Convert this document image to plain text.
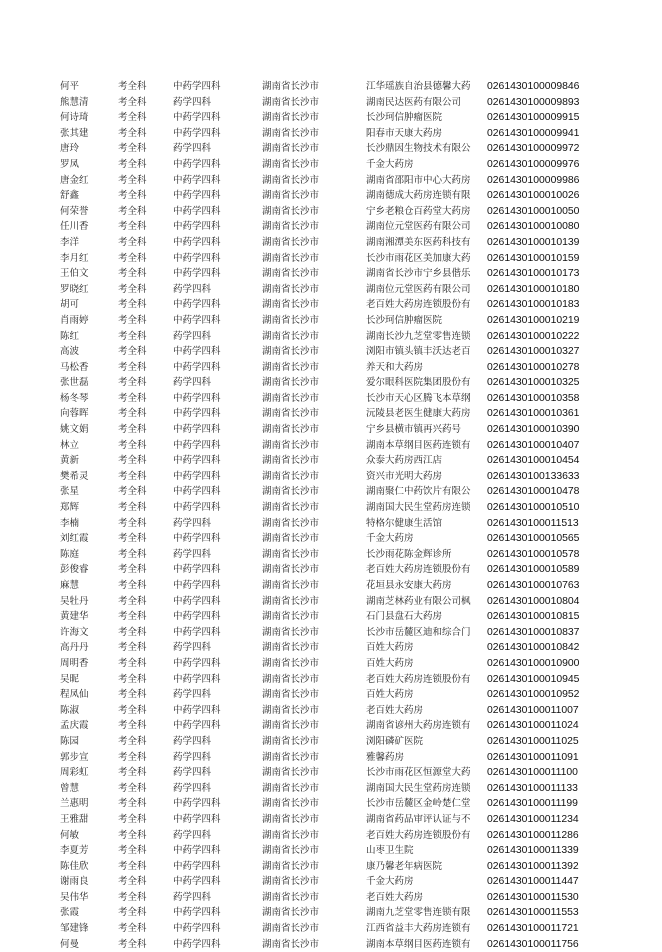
何平	考全科	中药学四科	湖南省长沙市	江华瑶族自治县德馨大药	0261430100009846
熊慧清	考全科	药学四科	湖南省长沙市	湖南民达医药有限公司	0261430100009893
何诗琦	考全科	中药学四科	湖南省长沙市	长沙珂信肿瘤医院	0261430100009915
张其建	考全科	中药学四科	湖南省长沙市	阳春市天康大药房	0261430100009941
唐玲	考全科	药学四科	湖南省长沙市	长沙鼎因生物技术有限公	0261430100009972
罗凤	考全科	中药学四科	湖南省长沙市	千金大药房	0261430100009976
唐金红	考全科	中药学四科	湖南省长沙市	湖南省邵阳市中心大药房	0261430100009986
舒鑫	考全科	中药学四科	湖南省长沙市	湖南德成大药房连锁有限	0261430100010026
何荣誉	考全科	中药学四科	湖南省长沙市	宁乡老粮仓百药堂大药房	0261430100010050
任川香	考全科	中药学四科	湖南省长沙市	湖南位元堂医药有限公司	0261430100010080
李洋	考全科	中药学四科	湖南省长沙市	湖南湘潭美东医药科技有	0261430100010139
李月红	考全科	中药学四科	湖南省长沙市	长沙市雨花区美加康大药	0261430100010159
王伯文	考全科	中药学四科	湖南省长沙市	湖南省长沙市宁乡县偕乐	0261430100010173
罗晓红	考全科	药学四科	湖南省长沙市	湖南位元堂医药有限公司	0261430100010180
胡可	考全科	中药学四科	湖南省长沙市	老百姓大药房连锁股份有	0261430100010183
肖雨婷	考全科	中药学四科	湖南省长沙市	长沙珂信肿瘤医院	0261430100010219
陈红	考全科	药学四科	湖南省长沙市	湖南长沙九芝堂零售连锁	0261430100010222
高波	考全科	中药学四科	湖南省长沙市	浏阳市镇头镇丰沃达老百	0261430100010327
马松香	考全科	中药学四科	湖南省长沙市	养天和大药房	0261430100010278
张世磊	考全科	药学四科	湖南省长沙市	爱尔眼科医院集团股份有	0261430100010325
杨冬琴	考全科	中药学四科	湖南省长沙市	长沙市天心区腾飞本草纲	0261430100010358
向蓉晖	考全科	中药学四科	湖南省长沙市	沅陵县老医生健康大药房	0261430100010361
姚文娟	考全科	中药学四科	湖南省长沙市	宁乡县横市镇再兴药号	0261430100010390
林立	考全科	中药学四科	湖南省长沙市	湖南本草纲目医药连锁有	0261430100010407
黄新	考全科	中药学四科	湖南省长沙市	众泰大药房西江店	0261430100010454
樊希灵	考全科	中药学四科	湖南省长沙市	资兴市光明大药房	0261430100133633
张星	考全科	中药学四科	湖南省长沙市	湖南聚仁中药饮片有限公	0261430100010478
郑辉	考全科	中药学四科	湖南省长沙市	湖南国大民生堂药房连锁	0261430100010510
李楠	考全科	药学四科	湖南省长沙市	特格尔健康生活馆	0261430100011513
刘红霞	考全科	中药学四科	湖南省长沙市	千金大药房	0261430100010565
陈庭	考全科	药学四科	湖南省长沙市	长沙雨花陈金辉诊所	0261430100010578
彭俊睿	考全科	中药学四科	湖南省长沙市	老百姓大药房连锁股份有	0261430100010589
麻慧	考全科	中药学四科	湖南省长沙市	花垣县永安康大药房	0261430100010763
吴牡丹	考全科	中药学四科	湖南省长沙市	湖南芝林药业有限公司枫	0261430100010804
黄建华	考全科	中药学四科	湖南省长沙市	石门县盘石大药房	0261430100010815
许海文	考全科	中药学四科	湖南省长沙市	长沙市岳麓区迪和综合门	0261430100010837
高丹丹	考全科	药学四科	湖南省长沙市	百姓大药房	0261430100010842
周明香	考全科	中药学四科	湖南省长沙市	百姓大药房	0261430100010900
吴昵	考全科	中药学四科	湖南省长沙市	老百姓大药房连锁股份有	0261430100010945
程凤仙	考全科	药学四科	湖南省长沙市	百姓大药房	0261430100010952
陈淑	考全科	中药学四科	湖南省长沙市	老百姓大药房	0261430100011007
孟庆霞	考全科	中药学四科	湖南省长沙市	湖南省谚州大药房连锁有	0261430100011024
陈园	考全科	药学四科	湖南省长沙市	浏阳磷矿医院	0261430100011025
郭步宣	考全科	药学四科	湖南省长沙市	雅馨药房	0261430100011091
周彩虹	考全科	药学四科	湖南省长沙市	长沙市雨花区恒源堂大药	0261430100011100
曾慧	考全科	药学四科	湖南省长沙市	湖南国大民生堂药房连锁	0261430100011133
兰惠明	考全科	中药学四科	湖南省长沙市	长沙市岳麓区金岭楚仁堂	0261430100011199
王雅甜	考全科	中药学四科	湖南省长沙市	湖南省药品审评认证与不	0261430100011234
何敏	考全科	药学四科	湖南省长沙市	老百姓大药房连锁股份有	0261430100011286
李夏芳	考全科	中药学四科	湖南省长沙市	山枣卫生院	0261430100011339
陈佳欣	考全科	中药学四科	湖南省长沙市	康乃馨老年病医院	0261430100011392
谢雨良	考全科	中药学四科	湖南省长沙市	千金大药房	0261430100011447
吴伟华	考全科	药学四科	湖南省长沙市	老百姓大药房	0261430100011530
张霞	考全科	中药学四科	湖南省长沙市	湖南九芝堂零售连锁有限	0261430100011553
邹建锋	考全科	中药学四科	湖南省长沙市	江西省益丰大药房连锁有	0261430100011721
何曼	考全科	中药学四科	湖南省长沙市	湖南本草纲目医药连锁有	0261430100011756
